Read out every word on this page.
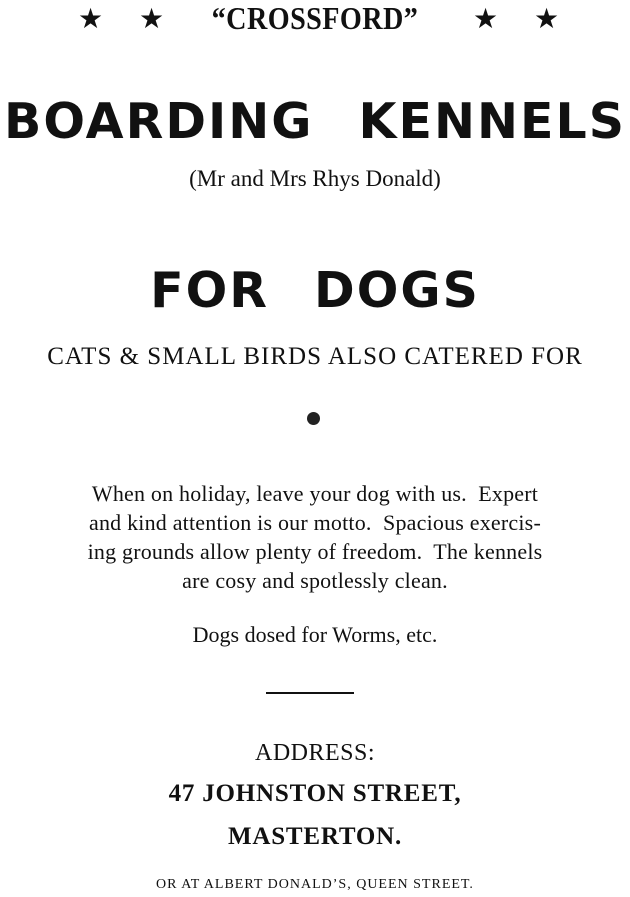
★ ★	“CROSSFORD”	★ ★
BOARDING KENNELS
(Mr and Mrs Rhys Donald)
FOR DOGS
CATS & SMALL BIRDS ALSO CATERED FOR
When on holiday, leave your dog with us.  Expert
and kind attention is our motto.  Spacious exercis-
ing grounds allow plenty of freedom.  The kennels
are cosy and spotlessly clean.
Dogs dosed for Worms, etc.
ADDRESS:
47 JOHNSTON STREET,
MASTERTON.
OR AT ALBERT DONALD’S, QUEEN STREET.
